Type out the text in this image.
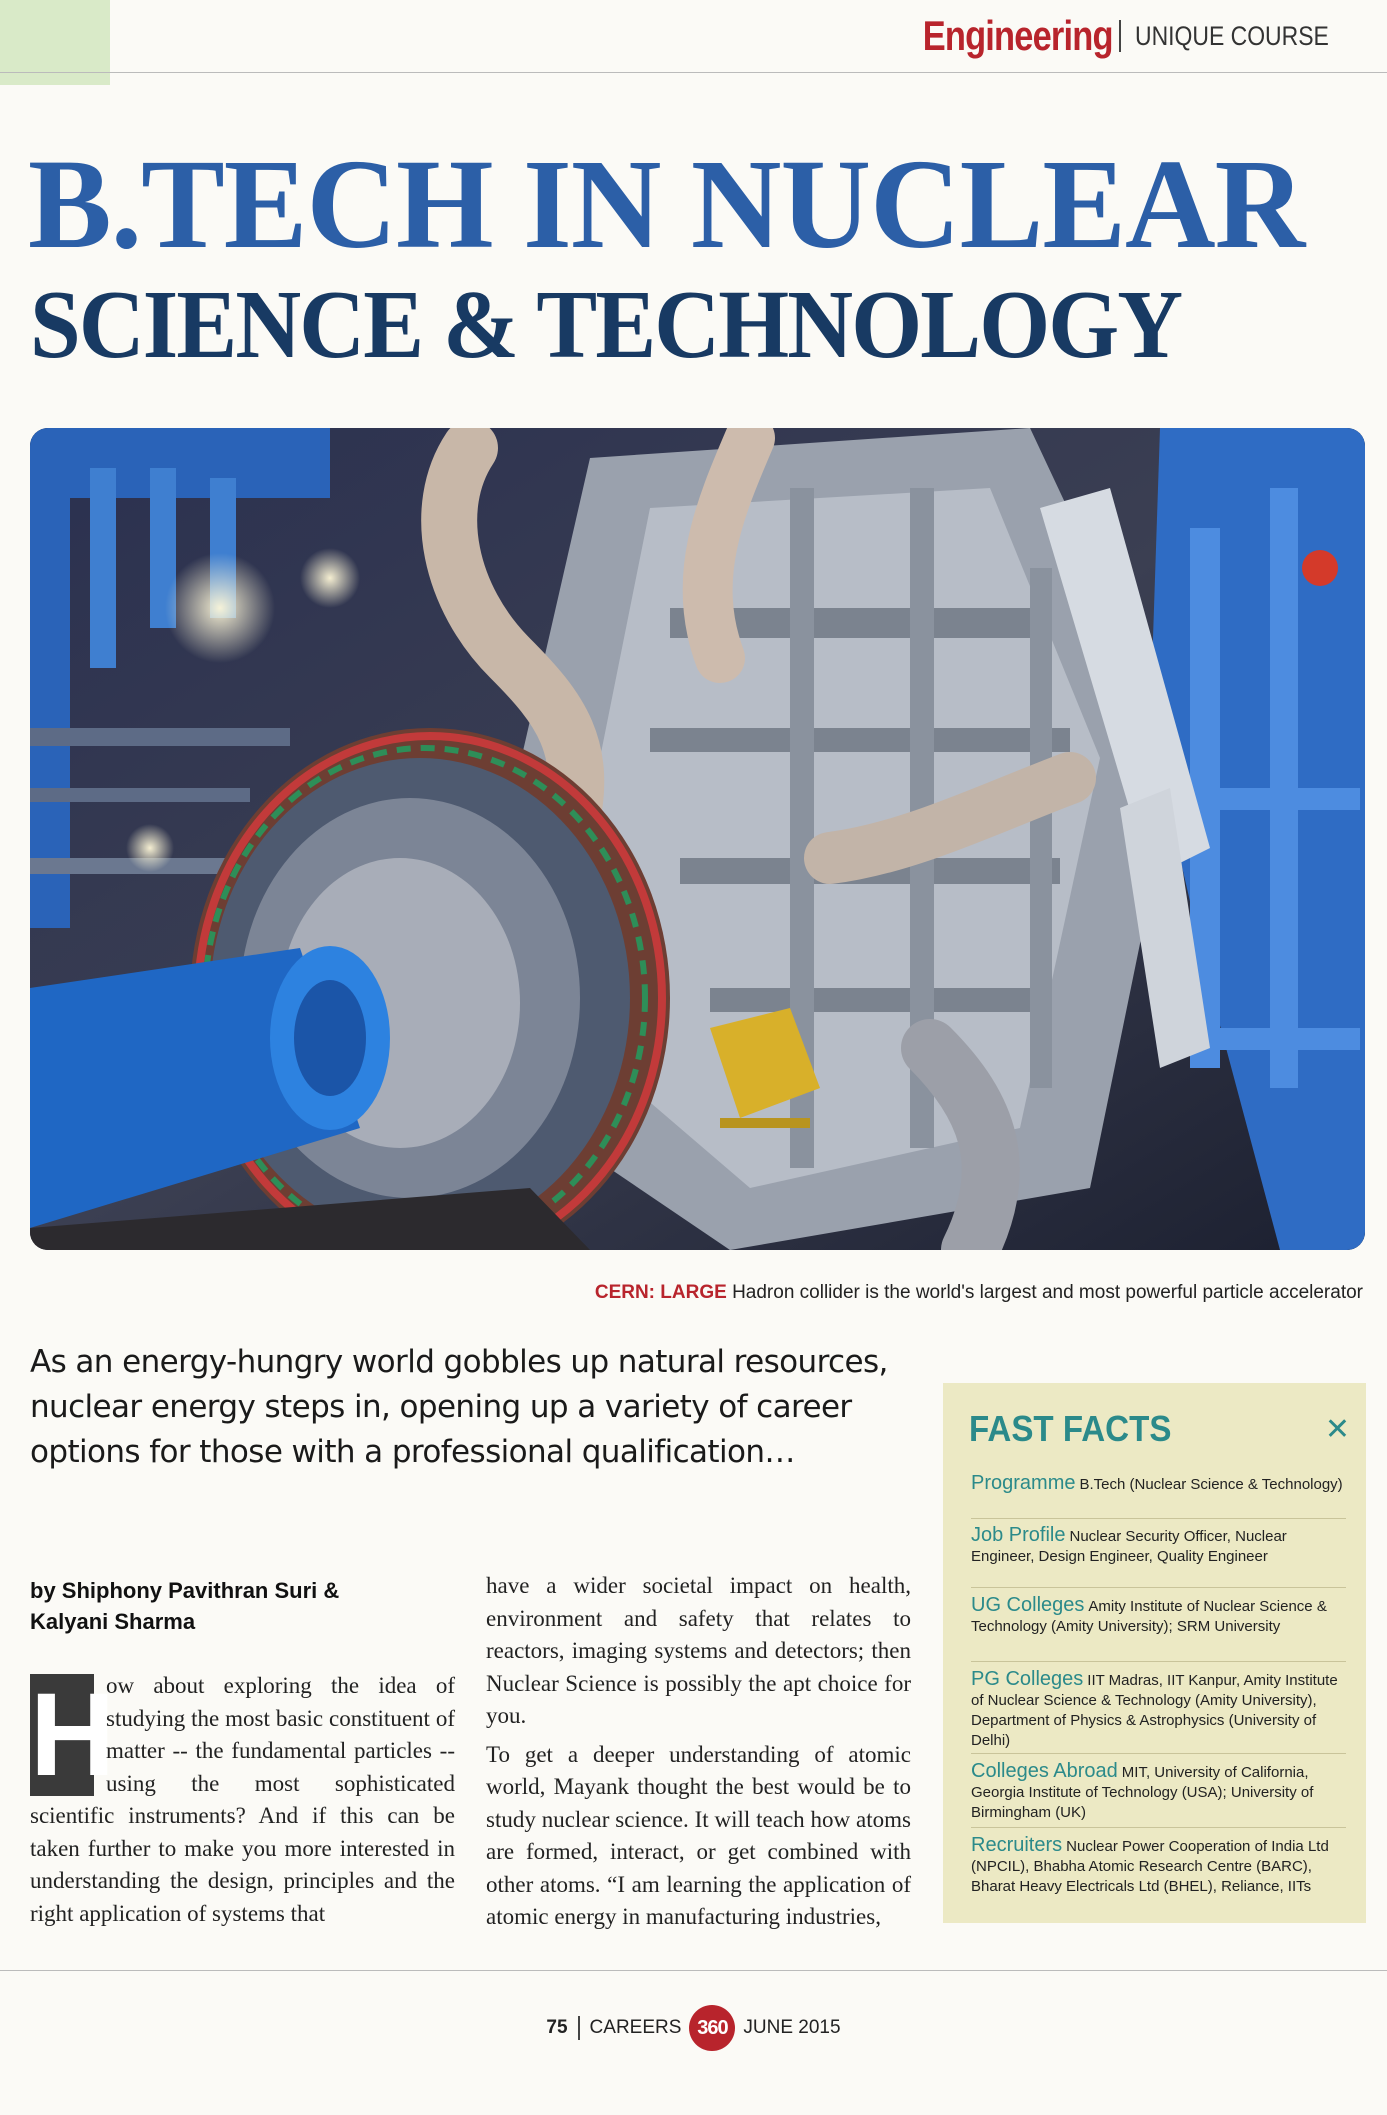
Engineering UNIQUE COURSE
B.TECH IN NUCLEAR
SCIENCE & TECHNOLOGY
CERN: LARGE Hadron collider is the world's largest and most powerful particle accelerator
As an energy-hungry world gobbles up natural resources, nuclear energy steps in, opening up a variety of career options for those with a professional qualification…
by Shiphony Pavithran Suri &
Kalyani Sharma
H
ow about exploring the idea of studying the most basic constituent of matter -- the fundamental particles -- using the most sophisticated scientific instruments? And if this can be taken further to make you more interested in understanding the design, principles and the right application of systems that

have a wider societal impact on health, environment and safety that relates to reactors, imaging systems and detectors; then Nuclear Science is possibly the apt choice for you.

To get a deeper understanding of atomic world, Mayank thought the best would be to study nuclear science. It will teach how atoms are formed, interact, or get combined with other atoms. “I am learning the application of atomic energy in manufacturing industries,

FAST FACTS	✕
Programme B.Tech (Nuclear Science & Technology)
Job Profile Nuclear Security Officer, Nuclear Engineer, Design Engineer, Quality Engineer
UG Colleges Amity Institute of Nuclear Science & Technology (Amity University); SRM University
PG Colleges IIT Madras, IIT Kanpur, Amity Institute of Nuclear Science & Technology (Amity University), Department of Physics & Astrophysics (University of Delhi)
Colleges Abroad MIT, University of California, Georgia Institute of Technology (USA); University of Birmingham (UK)
Recruiters Nuclear Power Cooperation of India Ltd (NPCIL), Bhabha Atomic Research Centre (BARC), Bharat Heavy Electricals Ltd (BHEL), Reliance, IITs
75 CAREERS 360 JUNE 2015
